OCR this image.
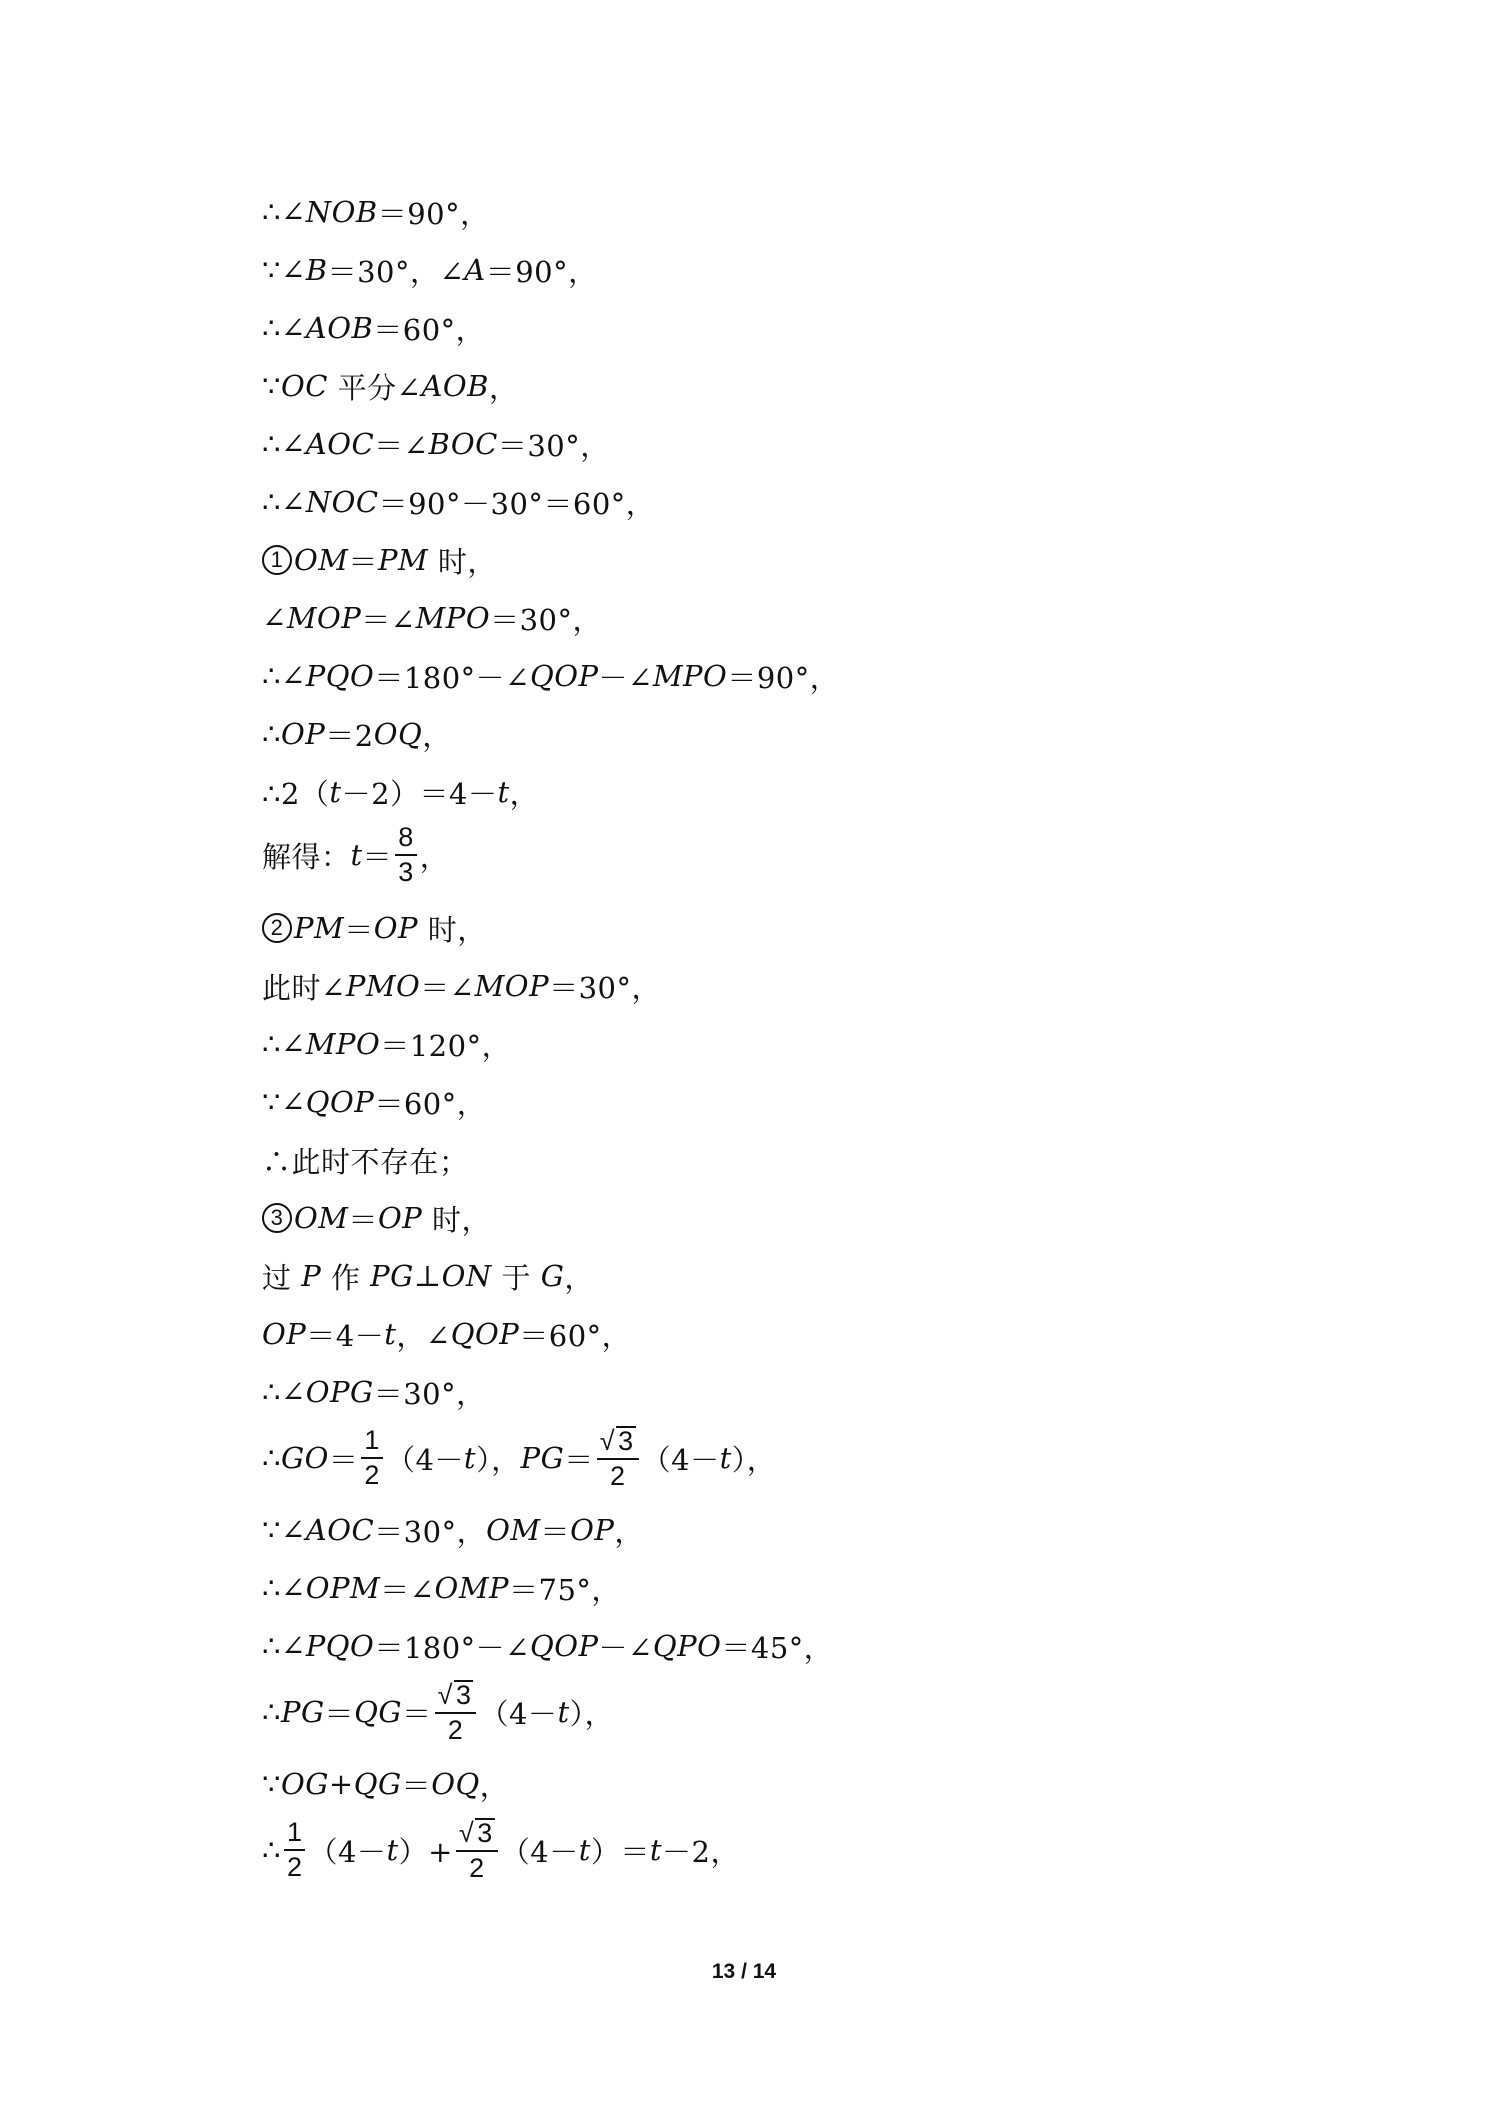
∴∠ NOB ＝90°，
∵∠ B ＝30°，∠ A ＝90°，
∴∠ AOB ＝60°，
∵ OC 平分∠ AOB ，
∴∠ AOC ＝∠ BOC ＝30°，
∴∠ NOC ＝90°－30°＝60°，
1 OM ＝ PM 时，
∠ MOP ＝∠ MPO ＝30°，
∴∠ PQO ＝180°－∠ QOP －∠ MPO ＝90°，
∴ OP ＝2 OQ ，
∴2（ t －2）＝4－ t ，
解得： $t = \frac{8}{3}$ ，
2 PM ＝ OP 时，
此时∠ PMO ＝∠ MOP ＝30°，
∴∠ MPO ＝120°，
∵∠ QOP ＝60°，
∴此时不存在；
3 OM ＝ OP 时，
过 P 作 PG ⊥ ON 于 G ，
OP ＝4－ t ，∠ QOP ＝60°，
∴∠ OPG ＝30°，
∴ GO ＝ $\frac{1}{2} (4- t$ ）， PG ＝ $\frac{√ 3}{2} (4- t$ ），
∵∠ AOC ＝30°， OM ＝ OP ，
∴∠ OPM ＝∠ OMP ＝75°，
∴∠ PQO ＝180°－∠ QOP －∠ QPO ＝45°，
∴ PG ＝ QG ＝ $\frac{√ 3}{2} (4- t$ ），
∵ OG + QG ＝ OQ ，
∴ $\frac{1}{2} (4- t$ ）+ $\frac{√ 3}{2} (4- t$ ）＝ t －2，
13 / 14
